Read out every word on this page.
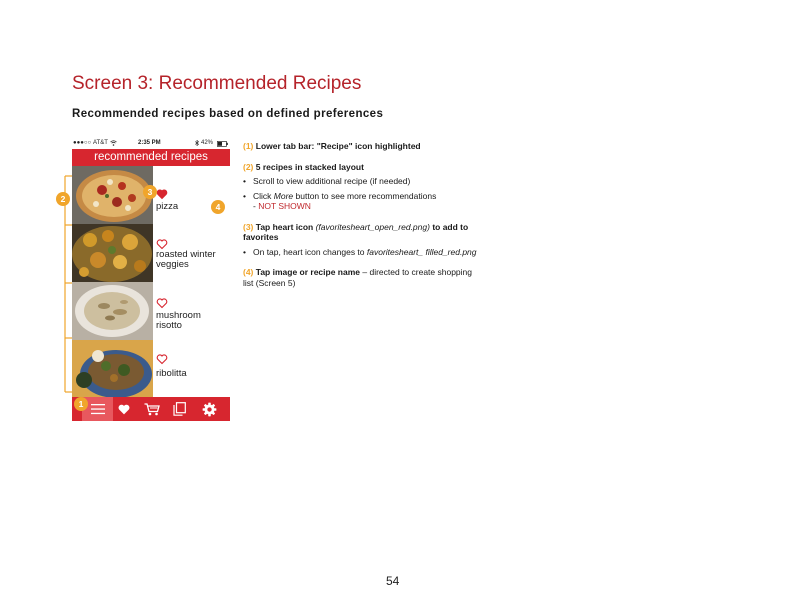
Screen 3: Recommended Recipes
Recommended recipes based on defined preferences
●●●○○ AT&T	2:35 PM	42%
recommended recipes
pizza
roasted winter veggies
mushroom risotto
ribolitta
1
2
3
4
(1) Lower tab bar: "Recipe" icon highlighted
(2) 5 recipes in stacked layout
• Scroll to view additional recipe (if needed)
• Click More button to see more recommendations
- NOT SHOWN
(3) Tap heart icon (favoritesheart_open_red.png) to add to favorites
• On tap, heart icon changes to favoritesheart_ filled_red.png
(4) Tap image or recipe name – directed to create shopping list (Screen 5)
54
